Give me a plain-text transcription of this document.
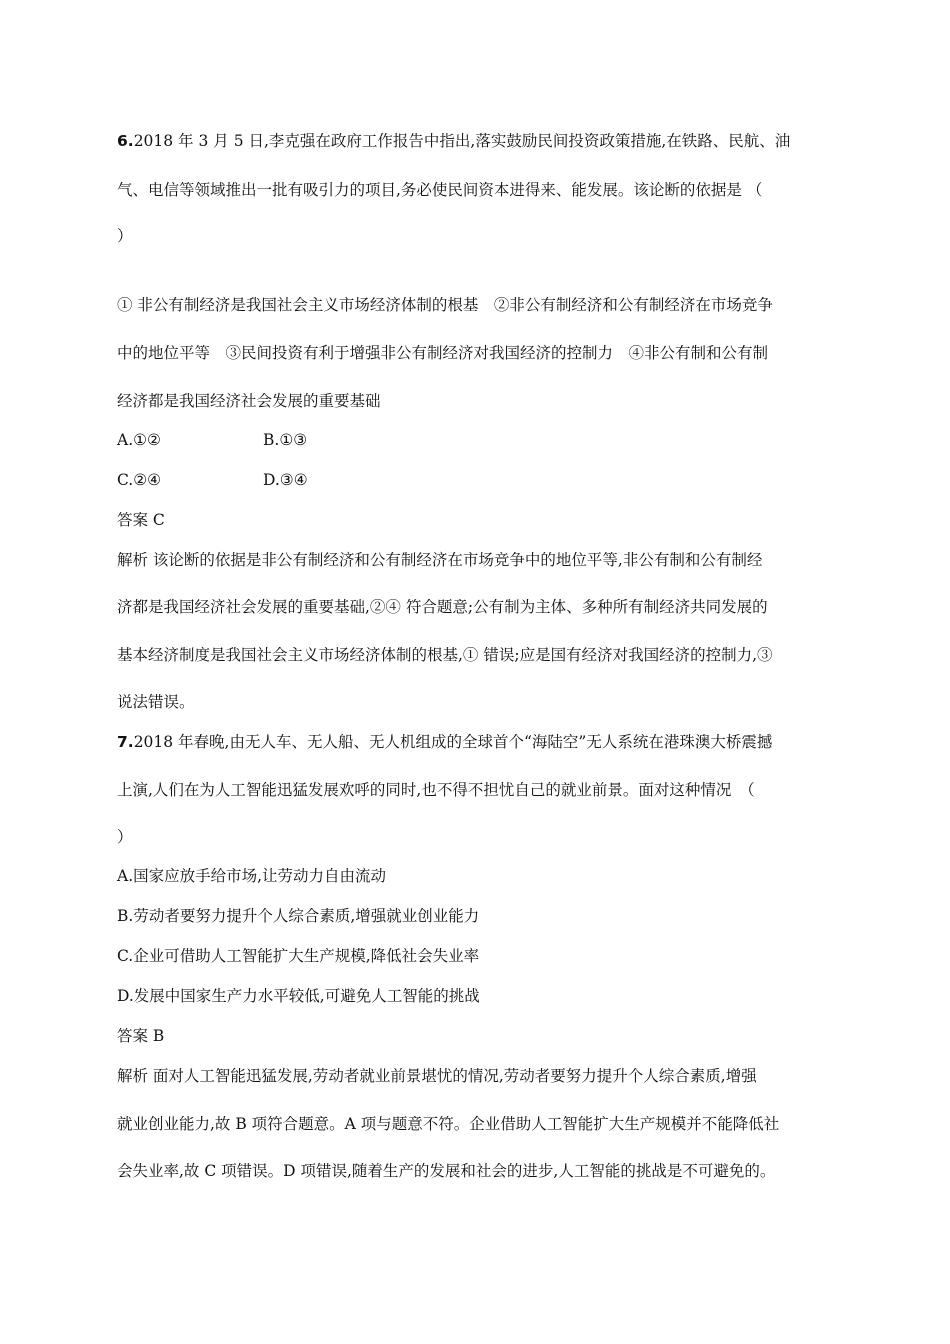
6.2018 年 3 月 5 日,李克强在政府工作报告中指出,落实鼓励民间投资政策措施,在铁路、民航、油
气、电信等领域推出一批有吸引力的项目,务必使民间资本进得来、能发展。该论断的依据是 （
）
① 非公有制经济是我国社会主义市场经济体制的根基　②非公有制经济和公有制经济在市场竞争
中的地位平等　③民间投资有利于增强非公有制经济对我国经济的控制力　④非公有制和公有制
经济都是我国经济社会发展的重要基础
A.①②	B.①③
C.②④	D.③④
答案 C
解析 该论断的依据是非公有制经济和公有制经济在市场竞争中的地位平等,非公有制和公有制经
济都是我国经济社会发展的重要基础,②④ 符合题意;公有制为主体、多种所有制经济共同发展的
基本经济制度是我国社会主义市场经济体制的根基,① 错误;应是国有经济对我国经济的控制力,③
说法错误。
7.2018 年春晚,由无人车、无人船、无人机组成的全球首个“海陆空”无人系统在港珠澳大桥震撼
上演,人们在为人工智能迅猛发展欢呼的同时,也不得不担忧自己的就业前景。面对这种情况　（
）
A.国家应放手给市场,让劳动力自由流动
B.劳动者要努力提升个人综合素质,增强就业创业能力
C.企业可借助人工智能扩大生产规模,降低社会失业率
D.发展中国家生产力水平较低,可避免人工智能的挑战
答案 B
解析 面对人工智能迅猛发展,劳动者就业前景堪忧的情况,劳动者要努力提升个人综合素质,增强
就业创业能力,故 B 项符合题意。A 项与题意不符。企业借助人工智能扩大生产规模并不能降低社
会失业率,故 C 项错误。D 项错误,随着生产的发展和社会的进步,人工智能的挑战是不可避免的。
